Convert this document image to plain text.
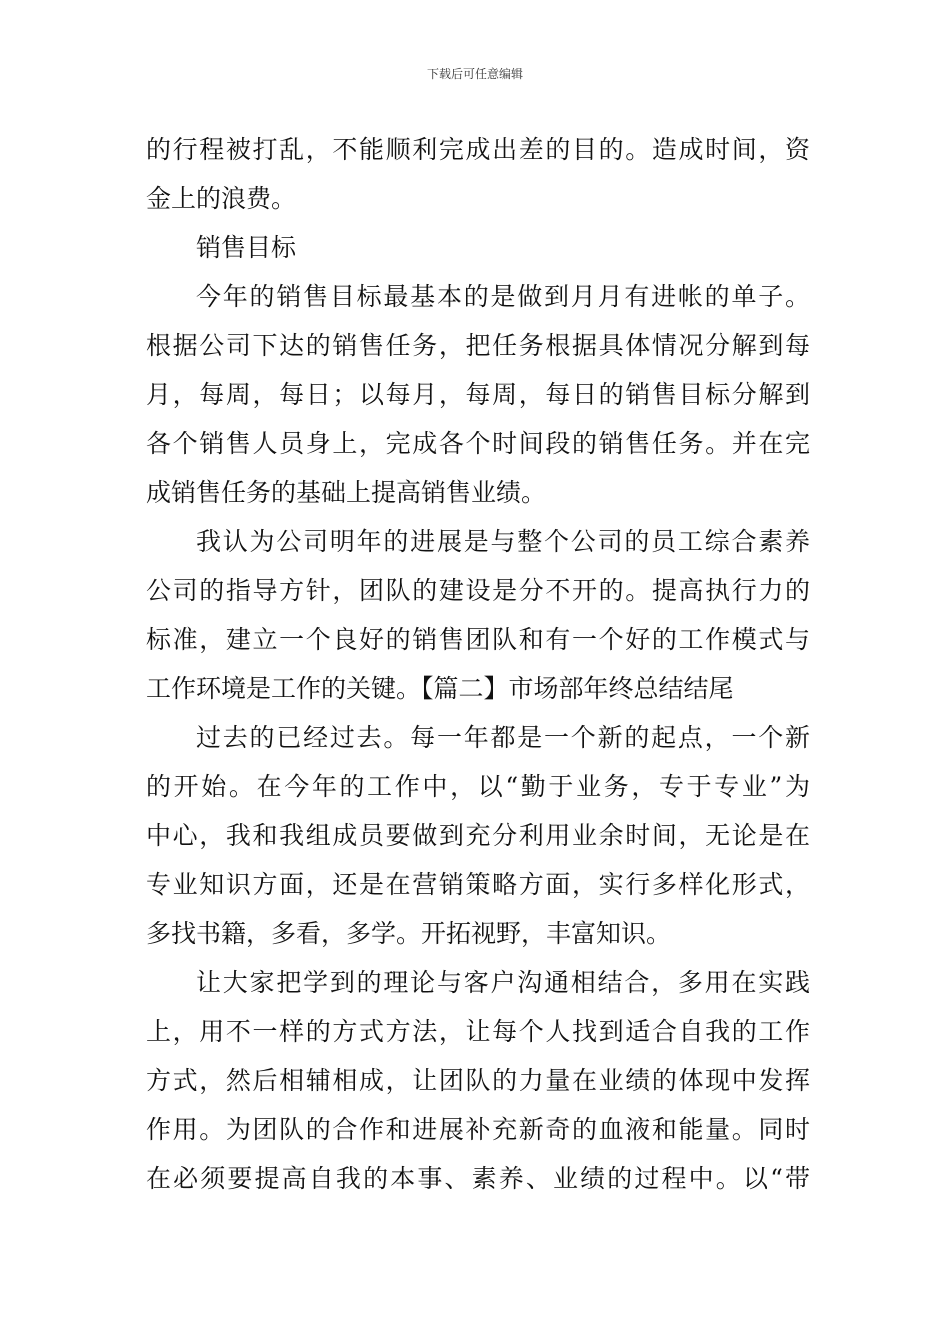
下载后可任意编辑
的行程被打乱，不能顺利完成出差的目的。造成时间，资
金上的浪费。
销售目标
今年的销售目标最基本的是做到月月有进帐的单子。
根据公司下达的销售任务，把任务根据具体情况分解到每
月，每周，每日；以每月，每周，每日的销售目标分解到
各个销售人员身上，完成各个时间段的销售任务。并在完
成销售任务的基础上提高销售业绩。
我认为公司明年的进展是与整个公司的员工综合素养
公司的指导方针，团队的建设是分不开的。提高执行力的
标准，建立一个良好的销售团队和有一个好的工作模式与
工作环境是工作的关键。【篇二】市场部年终总结结尾
过去的已经过去。每一年都是一个新的起点，一个新
的开始。在今年的工作中，以“勤于业务，专于专业”为
中心，我和我组成员要做到充分利用业余时间，无论是在
专业知识方面，还是在营销策略方面，实行多样化形式，
多找书籍，多看，多学。开拓视野，丰富知识。
让大家把学到的理论与客户沟通相结合，多用在实践
上，用不一样的方式方法，让每个人找到适合自我的工作
方式，然后相辅相成，让团队的力量在业绩的体现中发挥
作用。为团队的合作和进展补充新奇的血液和能量。同时
在必须要提高自我的本事、素养、业绩的过程中。以“带
